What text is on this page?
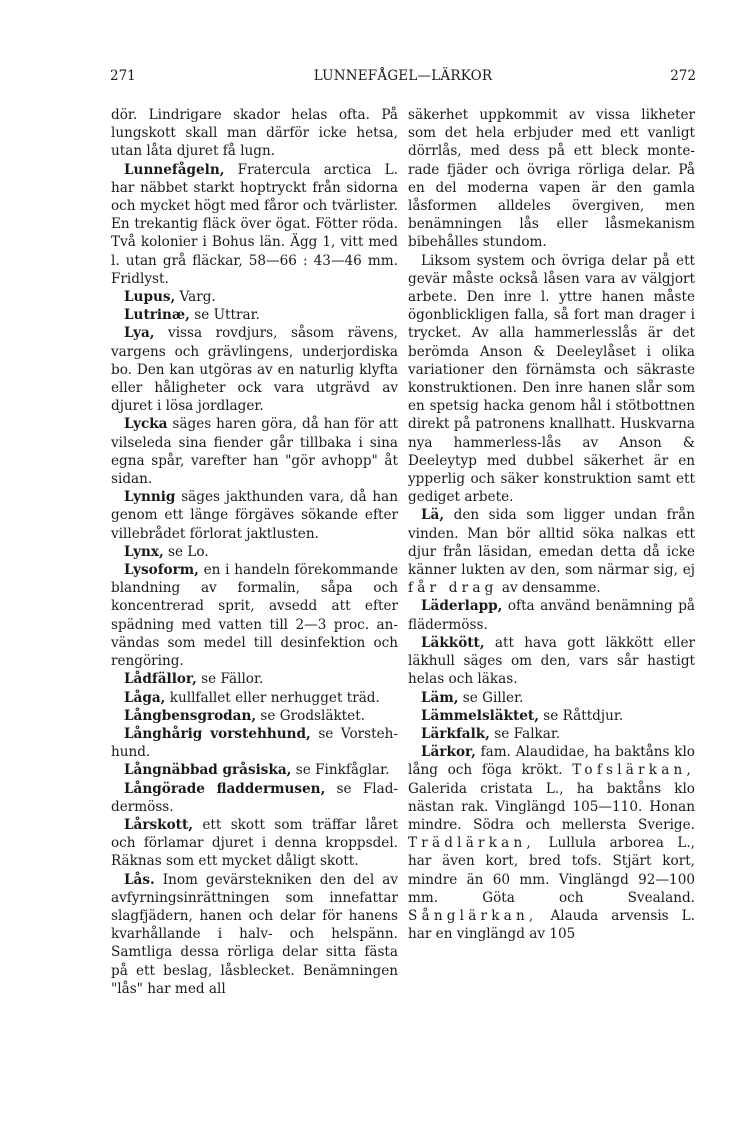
271	LUNNEFÅGEL—LÄRKOR	272

dör. Lindrigare skador helas ofta. På lungskott skall man därför icke hetsa, utan låta djuret få lugn.

Lunnefågeln, Fratercula arctica L. har näbbet starkt hoptryckt från sidorna och mycket högt med fåror och tvärlister. En trekantig fläck över ögat. Fötter röda. Två kolonier i Bohus län. Ägg 1, vitt med l. utan grå fläckar, 58—66 : 43—46 mm. Fridlyst.

Lupus, Varg.

Lutrinæ, se Uttrar.

Lya, vissa rovdjurs, såsom rävens, vargens och grävlingens, underjordiska bo. Den kan utgöras av en naturlig klyfta eller håligheter ock vara utgrävd av djuret i lösa jordlager.

Lycka säges haren göra, då han för att vilseleda sina fiender går tillbaka i sina egna spår, varefter han "gör avhopp" åt sidan.

Lynnig säges jakthunden vara, då han genom ett länge förgäves sökande efter villebrådet förlorat jaktlusten.

Lynx, se Lo.

Lysoform, en i handeln förekommande blandning av formalin, såpa och koncentrerad sprit, avsedd att efter spädning med vatten till 2—3 proc. användas som medel till desinfektion och rengöring.

Lådfällor, se Fällor.

Låga, kullfallet eller nerhugget träd.

Långbensgrodan, se Grodsläktet.

Långhårig vorstehhund, se Vorstehhund.

Långnäbbad gråsiska, se Finkfåglar.

Långörade fladdermusen, se Fladdermöss.

Lårskott, ett skott som träffar låret och förlamar djuret i denna kroppsdel. Räknas som ett mycket dåligt skott.

Lås. Inom gevärstekniken den del av avfyrningsinrättningen som innefattar slagfjädern, hanen och delar för hanens kvarhållande i halv- och helspänn. Samtliga dessa rörliga delar sitta fästa på ett beslag, låsblecket. Benämningen "lås" har med all

säkerhet uppkommit av vissa likheter som det hela erbjuder med ett vanligt dörrlås, med dess på ett bleck monterade fjäder och övriga rörliga delar. På en del moderna vapen är den gamla låsformen alldeles övergiven, men benämningen lås eller låsmekanism bibehålles stundom.

Liksom system och övriga delar på ett gevär måste också låsen vara av välgjort arbete. Den inre l. yttre hanen måste ögonblickligen falla, så fort man drager i trycket. Av alla hammerlesslås är det berömda Anson & Deeleylåset i olika variationer den förnämsta och säkraste konstruktionen. Den inre hanen slår som en spetsig hacka genom hål i stötbottnen direkt på patronens knallhatt. Huskvarna nya hammerless-lås av Anson & Deeleytyp med dubbel säkerhet är en ypperlig och säker konstruktion samt ett gediget arbete.

Lä, den sida som ligger undan från vinden. Man bör alltid söka nalkas ett djur från läsidan, emedan detta då icke känner lukten av den, som närmar sig, ej får drag av densamme.

Läderlapp, ofta använd benämning på flädermöss.

Läkkött, att hava gott läkkött eller läkhull säges om den, vars sår hastigt helas och läkas.

Läm, se Giller.

Lämmelsläktet, se Råttdjur.

Lärkfalk, se Falkar.

Lärkor, fam. Alaudidae, ha baktåns klo lång och föga krökt. Tofslärkan, Galerida cristata L., ha baktåns klo nästan rak. Vinglängd 105—110. Honan mindre. Södra och mellersta Sverige. Trädlärkan, Lullula arborea L., har även kort, bred tofs. Stjärt kort, mindre än 60 mm. Vinglängd 92—100 mm. Göta och Svealand. Sånglärkan, Alauda arvensis L. har en vinglängd av 105
